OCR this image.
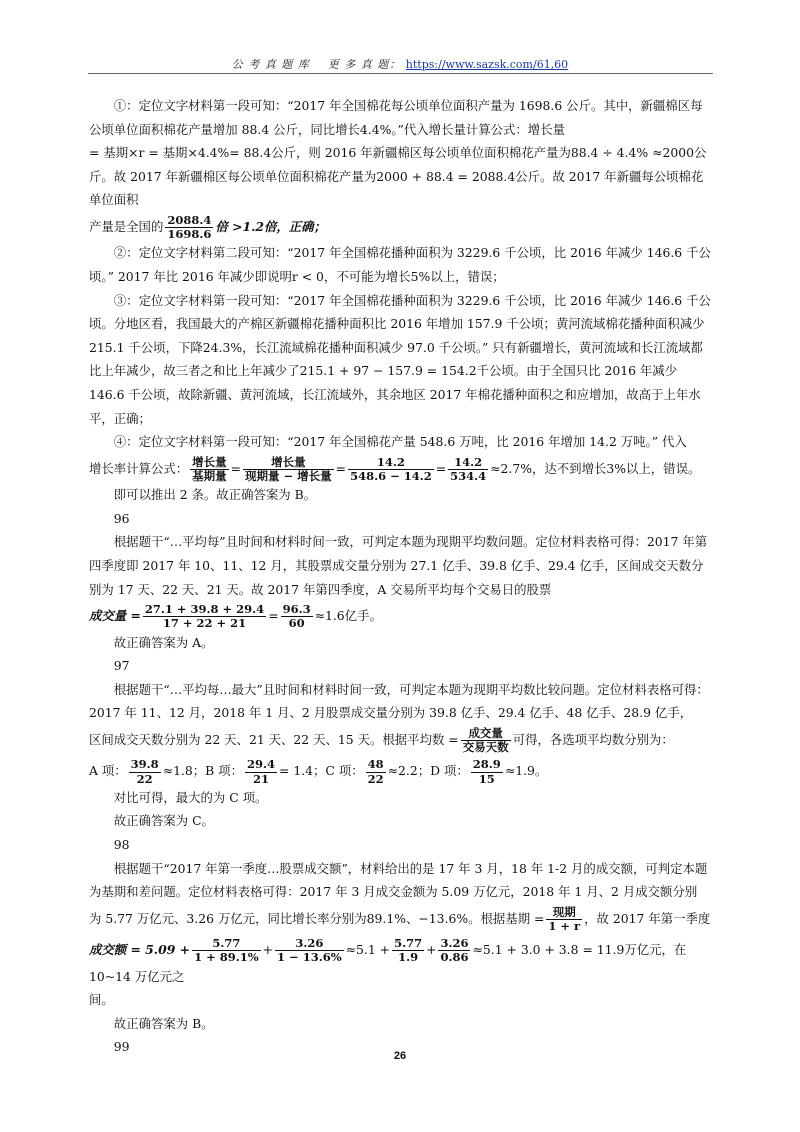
公 考 真 题 库 更 多 真 题： https://www.sazsk.com/61,60

①：定位文字材料第一段可知：“2017 年全国棉花每公顷单位面积产量为 1698.6 公斤。其中，新疆棉区每公顷单位面积棉花产量增加 88.4 公斤，同比增长4.4%。”代入增长量计算公式：增长量

= 基期×r = 基期×4.4%= 88.4公斤，则 2016 年新疆棉区每公顷单位面积棉花产量为88.4 ÷ 4.4% ≈2000公斤。故 2017 年新疆棉区每公顷单位面积棉花产量为2000 + 88.4 = 2088.4公斤。故 2017 年新疆每公顷棉花单位面积

产量是全国的 $\frac{2088.4}{1698.6}$ 倍 >1.2倍，正确；

②：定位文字材料第二段可知：“2017 年全国棉花播种面积为 3229.6 千公顷，比 2016 年减少 146.6 千公顷。” 2017 年比 2016 年减少即说明r < 0，不可能为增长5%以上，错误；

③：定位文字材料第一段可知：“2017 年全国棉花播种面积为 3229.6 千公顷，比 2016 年减少 146.6 千公顷。分地区看，我国最大的产棉区新疆棉花播种面积比 2016 年增加 157.9 千公顷；黄河流域棉花播种面积减少 215.1 千公顷，下降24.3%，长江流域棉花播种面积减少 97.0 千公顷。” 只有新疆增长，黄河流域和长江流域都比上年减少，故三者之和比上年减少了215.1 + 97 − 157.9 = 154.2千公顷。由于全国只比 2016 年减少 146.6 千公顷，故除新疆、黄河流域，长江流域外，其余地区 2017 年棉花播种面积之和应增加，故高于上年水平，正确；

④：定位文字材料第一段可知：“2017 年全国棉花产量 548.6 万吨，比 2016 年增加 14.2 万吨。” 代入

增长率计算公式： $\frac{\text{增长量}}{\text{基期量}} = \frac{\text{增长量}}{\text{现期量 − 增长量}} = \frac{14.2}{548.6 - 14.2} = \frac{14.2}{534.4} \approx 2.7\%$，达不到增长3%以上，错误。

即可以推出 2 条。故正确答案为 B。

96

根据题干“…平均每”且时间和材料时间一致，可判定本题为现期平均数问题。定位材料表格可得：2017 年第四季度即 2017 年 10、11、12 月，其股票成交量分别为 27.1 亿手、39.8 亿手、29.4 亿手，区间成交天数分别为 17 天、22 天、21 天。故 2017 年第四季度，A 交易所平均每个交易日的股票

成交量 = $\frac{27.1 + 39.8 + 29.4}{17 + 22 + 21} = \frac{96.3}{60} \approx 1.6$亿手。

故正确答案为 A。

97

根据题干“…平均每…最大”且时间和材料时间一致，可判定本题为现期平均数比较问题。定位材料表格可得：2017 年 11、12 月，2018 年 1 月、2 月股票成交量分别为 39.8 亿手、29.4 亿手、48 亿手、28.9 亿手，

区间成交天数分别为 22 天、21 天、22 天、15 天。根据平均数 = $\frac{\text{成交量}}{\text{交易天数}}$ 可得，各选项平均数分别为：

A 项： $\frac{39.8}{22} \approx 1.8$；B 项： $\frac{29.4}{21} = 1.4$；C 项： $\frac{48}{22} \approx 2.2$；D 项： $\frac{28.9}{15} \approx 1.9$。

对比可得，最大的为 C 项。

故正确答案为 C。

98

根据题干“2017 年第一季度…股票成交额”，材料给出的是 17 年 3 月，18 年 1-2 月的成交额，可判定本题为基期和差问题。定位材料表格可得：2017 年 3 月成交金额为 5.09 万亿元，2018 年 1 月、2 月成交额分别

为 5.77 万亿元、3.26 万亿元，同比增长率分别为89.1%、−13.6%。根据基期 = $\frac{\text{现期}}{1 + r}$ ，故 2017 年第一季度

成交额 = $5.09 + \frac{5.77}{1 + 89.1\%} + \frac{3.26}{1 - 13.6\%} \approx 5.1 + \frac{5.77}{1.9} + \frac{3.26}{0.86} \approx 5.1 + 3.0 + 3.8 = 11.9$万亿元，在 10~14 万亿元之

间。

故正确答案为 B。

99

26
